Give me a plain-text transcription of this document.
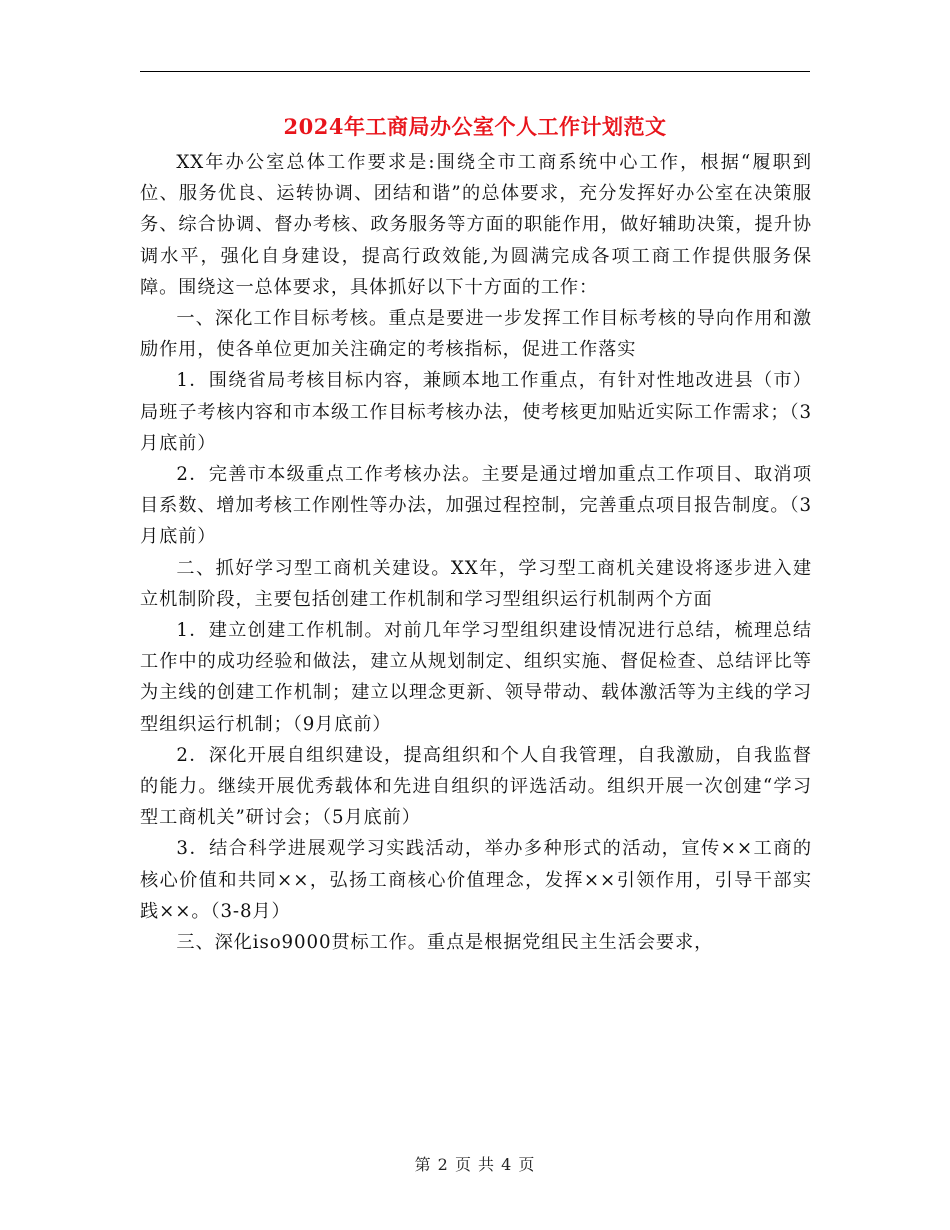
2024年工商局办公室个人工作计划范文

XX年办公室总体工作要求是:围绕全市工商系统中心工作，根据“履职到位、服务优良、运转协调、团结和谐”的总体要求，充分发挥好办公室在决策服务、综合协调、督办考核、政务服务等方面的职能作用，做好辅助决策，提升协调水平，强化自身建设，提高行政效能,为圆满完成各项工商工作提供服务保障。围绕这一总体要求，具体抓好以下十方面的工作：

一、深化工作目标考核。重点是要进一步发挥工作目标考核的导向作用和激励作用，使各单位更加关注确定的考核指标，促进工作落实

1．围绕省局考核目标内容，兼顾本地工作重点，有针对性地改进县（市）局班子考核内容和市本级工作目标考核办法，使考核更加贴近实际工作需求；（3月底前）

2．完善市本级重点工作考核办法。主要是通过增加重点工作项目、取消项目系数、增加考核工作刚性等办法，加强过程控制，完善重点项目报告制度。（3月底前）

二、抓好学习型工商机关建设。XX年，学习型工商机关建设将逐步进入建立机制阶段，主要包括创建工作机制和学习型组织运行机制两个方面

1．建立创建工作机制。对前几年学习型组织建设情况进行总结，梳理总结工作中的成功经验和做法，建立从规划制定、组织实施、督促检查、总结评比等为主线的创建工作机制；建立以理念更新、领导带动、载体激活等为主线的学习型组织运行机制；（9月底前）

2．深化开展自组织建设，提高组织和个人自我管理，自我激励，自我监督的能力。继续开展优秀载体和先进自组织的评选活动。组织开展一次创建“学习型工商机关”研讨会；（5月底前）

3．结合科学进展观学习实践活动，举办多种形式的活动，宣传××工商的核心价值和共同××，弘扬工商核心价值理念，发挥××引领作用，引导干部实践××。（3-8月）

三、深化iso9000贯标工作。重点是根据党组民主生活会要求，

第 2 页 共 4 页
